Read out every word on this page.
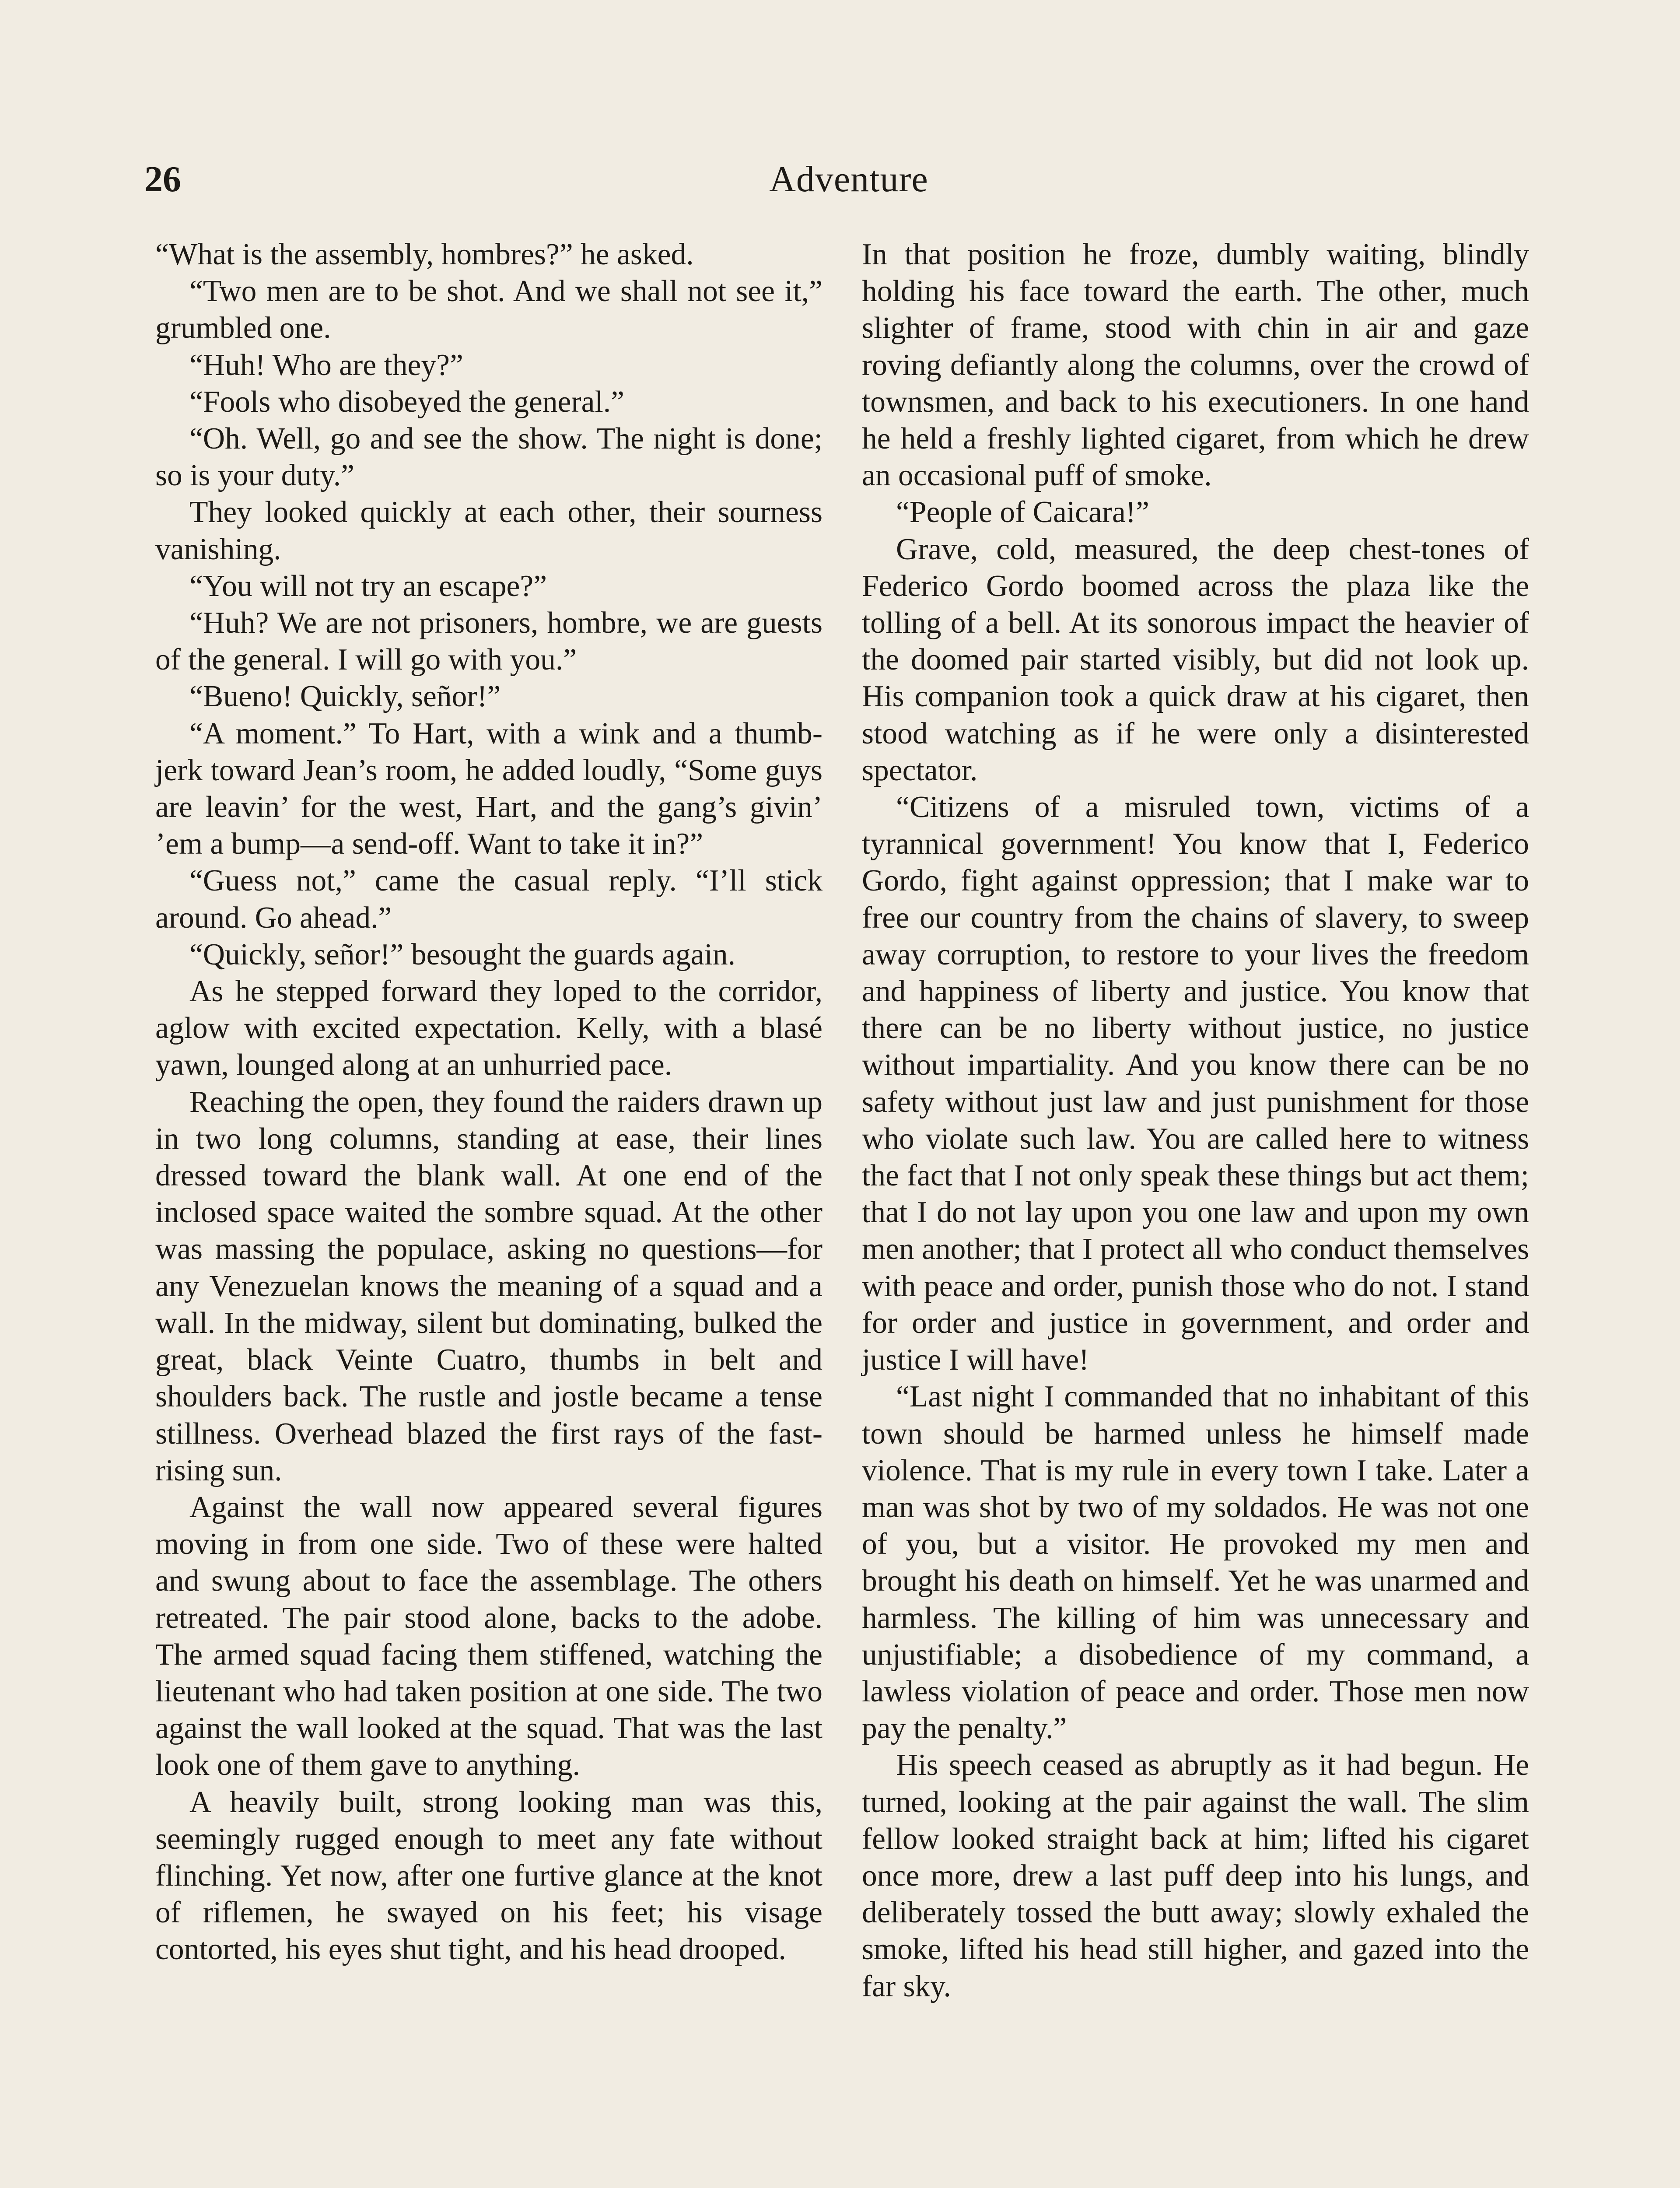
26	Adventure

“What is the assembly, hombres?” he asked.

“Two men are to be shot. And we shall not see it,” grumbled one.

“Huh! Who are they?”

“Fools who disobeyed the general.”

“Oh. Well, go and see the show. The night is done; so is your duty.”

They looked quickly at each other, their sourness vanishing.

“You will not try an escape?”

“Huh? We are not prisoners, hombre, we are guests of the general. I will go with you.”

“Bueno! Quickly, señor!”

“A moment.” To Hart, with a wink and a thumb-jerk toward Jean’s room, he added loudly, “Some guys are leavin’ for the west, Hart, and the gang’s givin’ ’em a bump—a send-off. Want to take it in?”

“Guess not,” came the casual reply. “I’ll stick around. Go ahead.”

“Quickly, señor!” besought the guards again.

As he stepped forward they loped to the corridor, aglow with excited expectation. Kelly, with a blasé yawn, lounged along at an unhurried pace.

Reaching the open, they found the raiders drawn up in two long columns, standing at ease, their lines dressed toward the blank wall. At one end of the inclosed space waited the sombre squad. At the other was massing the populace, asking no questions—for any Venezuelan knows the meaning of a squad and a wall. In the midway, silent but dominating, bulked the great, black Veinte Cuatro, thumbs in belt and shoulders back. The rustle and jostle became a tense stillness. Overhead blazed the first rays of the fast-rising sun.

Against the wall now appeared several figures moving in from one side. Two of these were halted and swung about to face the assemblage. The others retreated. The pair stood alone, backs to the adobe. The armed squad facing them stiffened, watching the lieutenant who had taken position at one side. The two against the wall looked at the squad. That was the last look one of them gave to anything.

A heavily built, strong looking man was this, seemingly rugged enough to meet any fate without flinching. Yet now, after one furtive glance at the knot of riflemen, he swayed on his feet; his visage contorted, his eyes shut tight, and his head drooped.

In that position he froze, dumbly waiting, blindly holding his face toward the earth. The other, much slighter of frame, stood with chin in air and gaze roving defiantly along the columns, over the crowd of townsmen, and back to his executioners. In one hand he held a freshly lighted cigaret, from which he drew an occasional puff of smoke.

“People of Caicara!”

Grave, cold, measured, the deep chest-tones of Federico Gordo boomed across the plaza like the tolling of a bell. At its sonorous impact the heavier of the doomed pair started visibly, but did not look up. His companion took a quick draw at his cigaret, then stood watching as if he were only a disinterested spectator.

“Citizens of a misruled town, victims of a tyrannical government! You know that I, Federico Gordo, fight against oppression; that I make war to free our country from the chains of slavery, to sweep away corruption, to restore to your lives the freedom and happiness of liberty and justice. You know that there can be no liberty without justice, no justice without impartiality. And you know there can be no safety without just law and just punishment for those who violate such law. You are called here to witness the fact that I not only speak these things but act them; that I do not lay upon you one law and upon my own men another; that I protect all who conduct themselves with peace and order, punish those who do not. I stand for order and justice in government, and order and justice I will have!

“Last night I commanded that no inhabitant of this town should be harmed unless he himself made violence. That is my rule in every town I take. Later a man was shot by two of my soldados. He was not one of you, but a visitor. He provoked my men and brought his death on himself. Yet he was unarmed and harmless. The killing of him was unnecessary and unjustifiable; a disobedience of my command, a lawless violation of peace and order. Those men now pay the penalty.”

His speech ceased as abruptly as it had begun. He turned, looking at the pair against the wall. The slim fellow looked straight back at him; lifted his cigaret once more, drew a last puff deep into his lungs, and deliberately tossed the butt away; slowly exhaled the smoke, lifted his head still higher, and gazed into the far sky.
